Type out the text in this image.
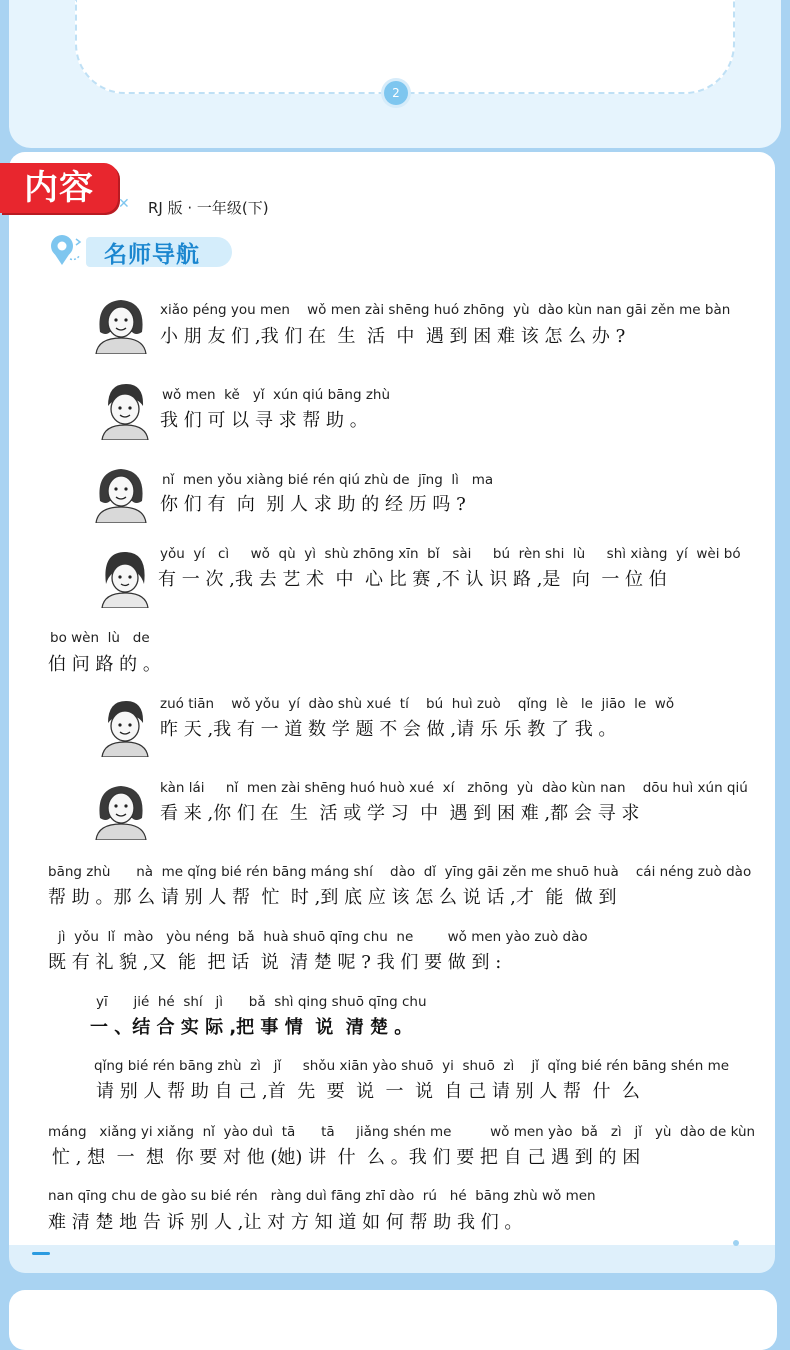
2
内容	✕ RJ 版 · 一年级(下)
名师导航
xiǎo péng you men    wǒ men zài shēng huó zhōng  yù  dào kùn nan gāi zěn me bàn
小 朋 友 们 ,我 们 在  生  活  中  遇 到 困 难 该 怎 么 办 ?
wǒ men  kě   yǐ  xún qiú bāng zhù
我 们 可 以 寻 求 帮 助 。
nǐ  men yǒu xiàng bié rén qiú zhù de  jīng  lì   ma
你 们 有  向  别 人 求 助 的 经 历 吗 ?
yǒu  yí   cì     wǒ  qù  yì  shù zhōng xīn  bǐ   sài     bú  rèn shi  lù     shì xiàng  yí  wèi bó
有 一 次 ,我 去 艺 术  中  心 比 赛 ,不 认 识 路 ,是  向  一 位 伯
bo wèn  lù   de
伯 问 路 的 。
zuó tiān    wǒ yǒu  yí  dào shù xué  tí    bú  huì zuò    qǐng  lè   le  jiāo  le  wǒ
昨 天 ,我 有 一 道 数 学 题 不 会 做 ,请 乐 乐 教 了 我 。
kàn lái     nǐ  men zài shēng huó huò xué  xí   zhōng  yù  dào kùn nan    dōu huì xún qiú
看 来 ,你 们 在  生  活 或 学 习  中  遇 到 困 难 ,都 会 寻 求
bāng zhù      nà  me qǐng bié rén bāng máng shí    dào  dǐ  yīng gāi zěn me shuō huà    cái néng zuò dào
帮 助 。那 么 请 别 人 帮  忙  时 ,到 底 应 该 怎 么 说 话 ,才  能  做 到
jì  yǒu  lǐ  mào   yòu néng  bǎ  huà shuō qīng chu  ne        wǒ men yào zuò dào
既 有 礼 貌 ,又  能  把 话  说  清 楚 呢 ? 我 们 要 做 到 :
yī      jié  hé  shí   jì      bǎ  shì qing shuō qīng chu
一 、结 合 实 际 ,把 事 情  说  清 楚 。
qǐng bié rén bāng zhù  zì   jǐ     shǒu xiān yào shuō  yi  shuō  zì    jǐ  qǐng bié rén bāng shén me
请 别 人 帮 助 自 己 ,首  先  要  说  一  说  自 己 请 别 人 帮  什  么
máng   xiǎng yi xiǎng  nǐ  yào duì  tā      tā     jiǎng shén me         wǒ men yào  bǎ   zì   jǐ   yù  dào de kùn
忙 , 想  一  想  你 要 对 他 (她) 讲  什  么 。我 们 要 把 自 己 遇 到 的 困
nan qīng chu de gào su bié rén   ràng duì fāng zhī dào  rú   hé  bāng zhù wǒ men
难 清 楚 地 告 诉 别 人 ,让 对 方 知 道 如 何 帮 助 我 们 。
